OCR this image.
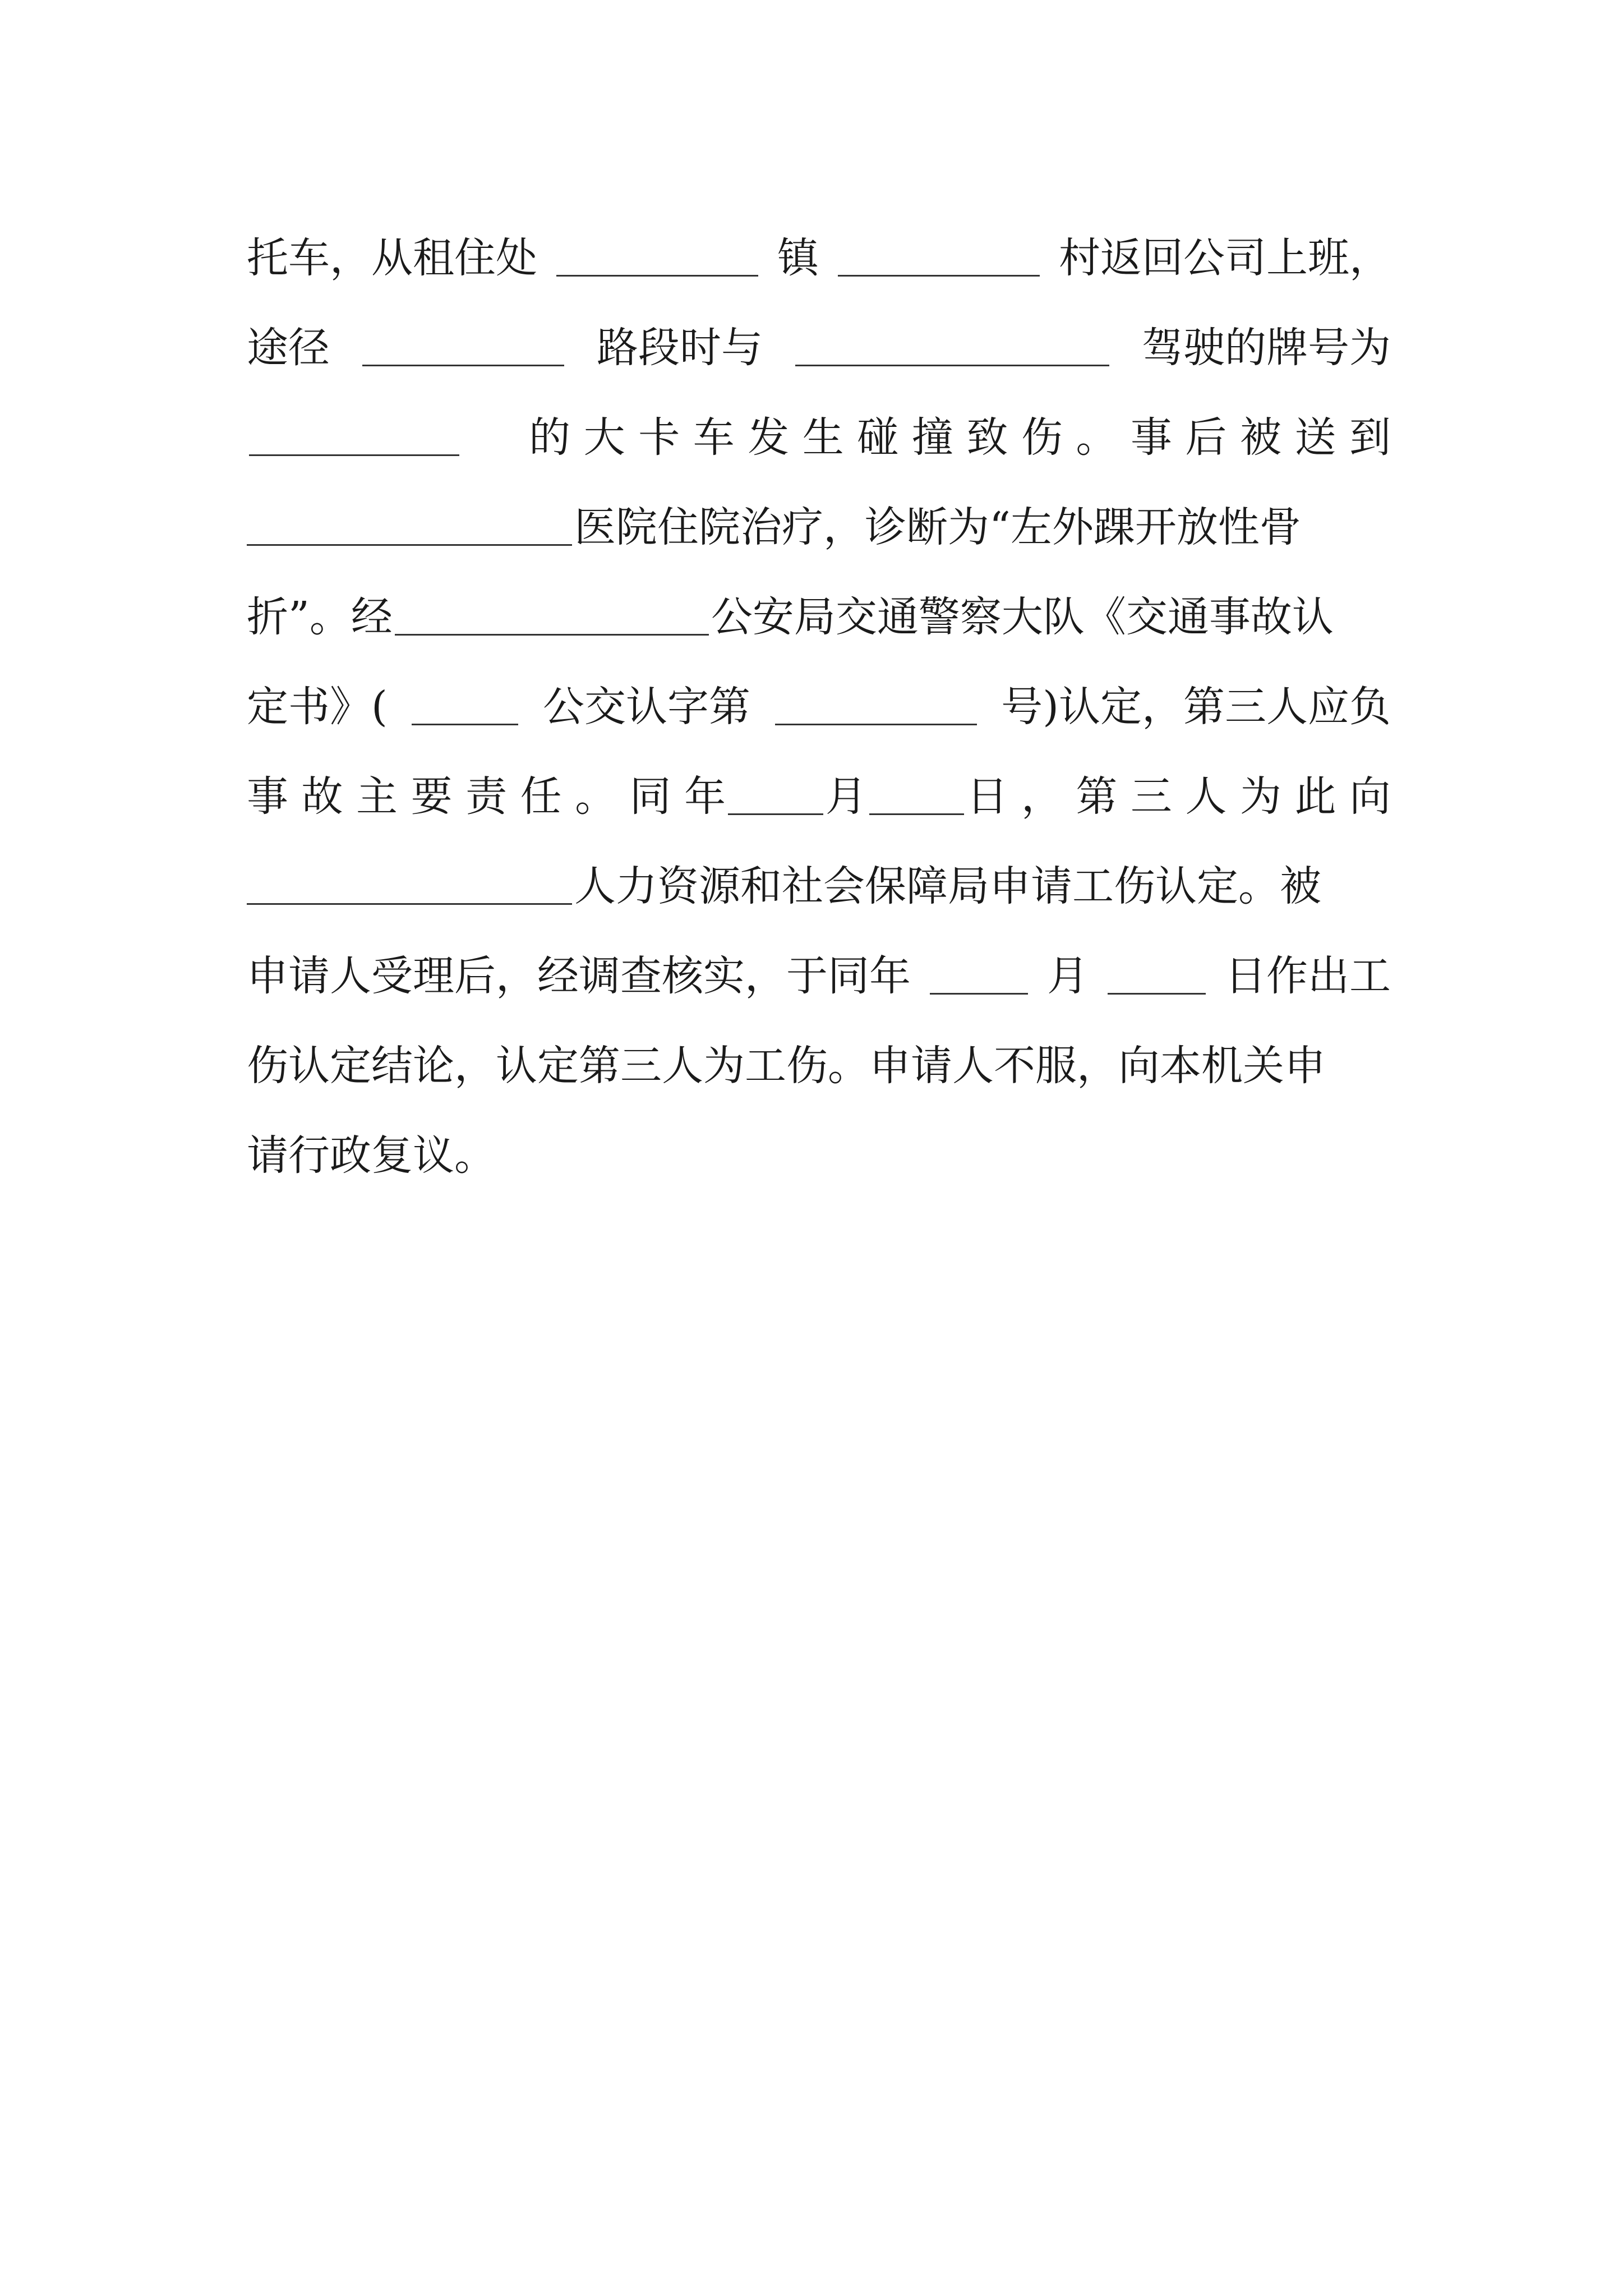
托车，从租住处	镇	村返回公司上班，
途径	路段时与	驾驶的牌号为
的 大 卡 车 发 生 碰 撞 致 伤 。 事 后 被 送 到
医院住院治疗，诊断为“左外踝开放性骨
折”。经	公安局交通警察大队《交通事故认
定书》(	公交认字第	号)认定，第三人应负
事 故 主 要 责 任 。 同 年 月 日 ， 第 三 人 为 此 向
人力资源和社会保障局申请工伤认定。被
申请人受理后，经调查核实，于同年	月	日作出工
伤认定结论，认定第三人为工伤。申请人不服，向本机关申
请行政复议。
